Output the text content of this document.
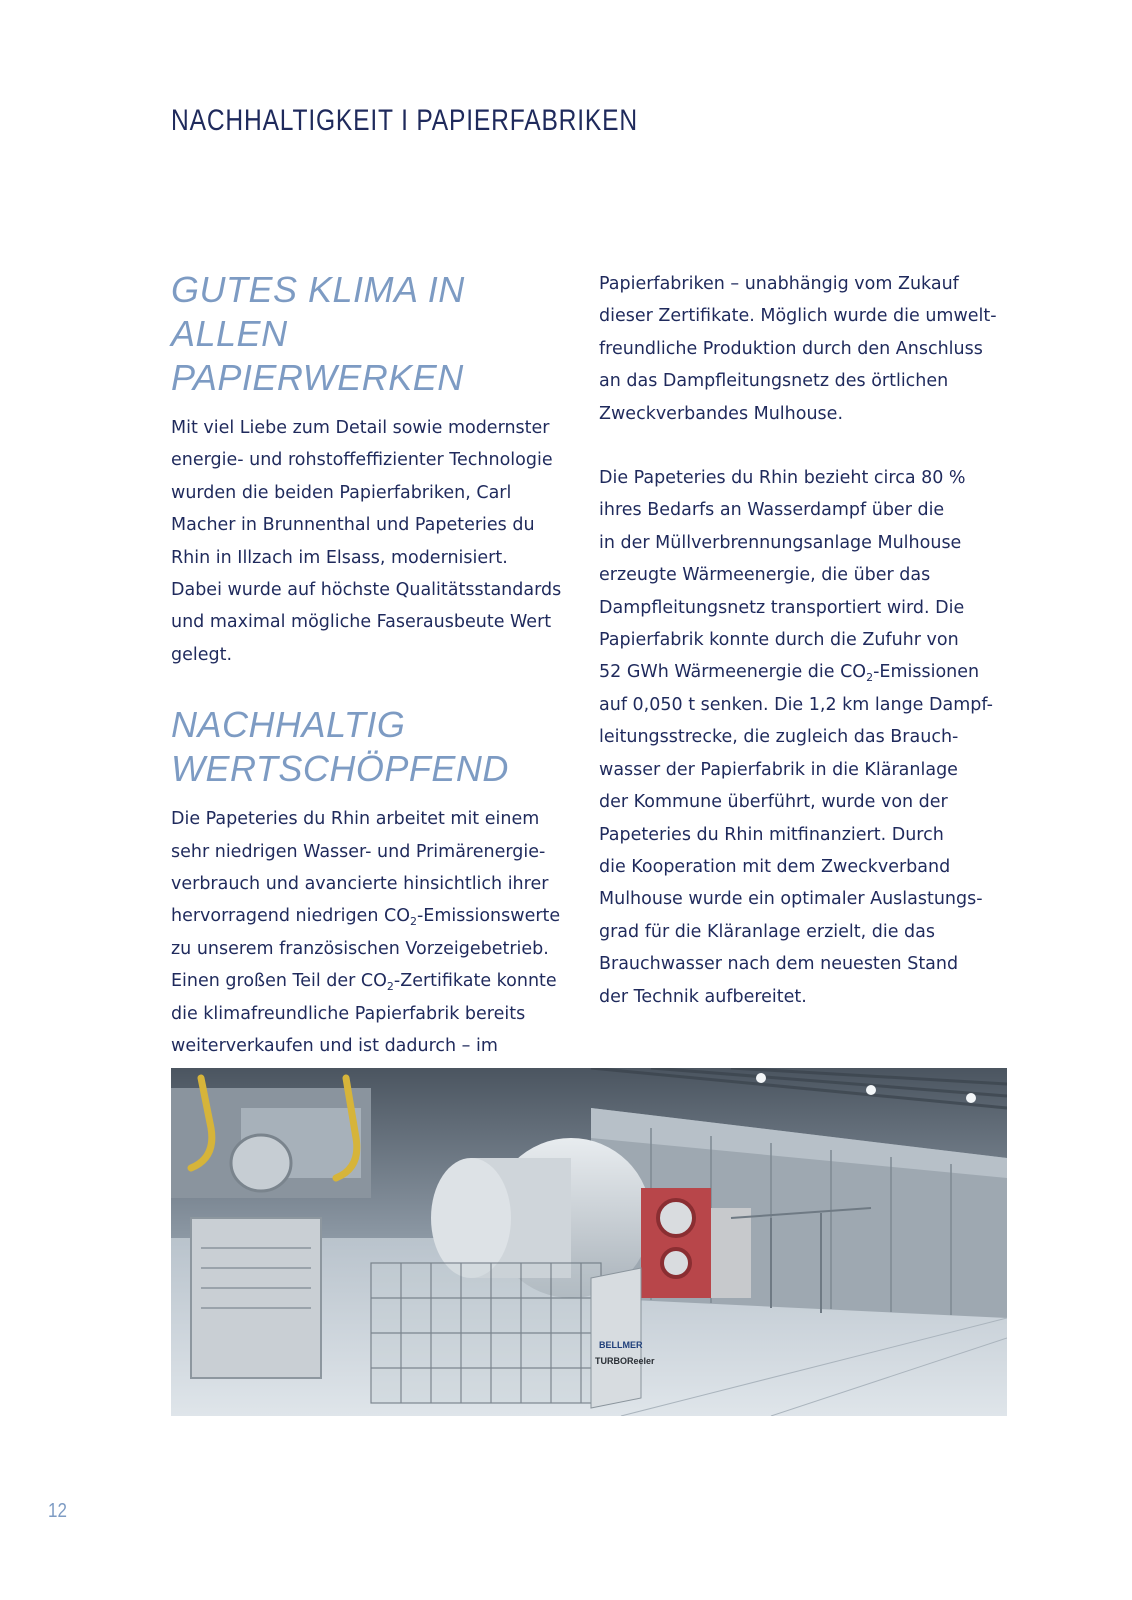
NACHHALTIGKEIT I PAPIERFABRIKEN
GUTES KLIMA IN ALLEN
PAPIERWERKEN

Mit viel Liebe zum Detail sowie modernster
energie- und rohstoffeffizienter Technologie
wurden die beiden Papierfabriken, Carl
Macher in Brunnenthal und Papeteries du
Rhin in Illzach im Elsass, modernisiert.
Dabei wurde auf höchste Qualitätsstandards
und maximal mögliche Faserausbeute Wert
gelegt.

NACHHALTIG
WERTSCHÖPFEND

Die Papeteries du Rhin arbeitet mit einem
sehr niedrigen Wasser- und Primärenergie-
verbrauch und avancierte hinsichtlich ihrer
hervorragend niedrigen $CO_2$-Emissionswerte
zu unserem französischen Vorzeigebetrieb.
Einen großen Teil der $CO_2$-Zertifikate konnte
die klimafreundliche Papierfabrik bereits
weiterverkaufen und ist dadurch – im

Papierfabriken – unabhängig vom Zukauf
dieser Zertifikate. Möglich wurde die umwelt-
freundliche Produktion durch den Anschluss
an das Dampfleitungsnetz des örtlichen
Zweckverbandes Mulhouse.

Die Papeteries du Rhin bezieht circa 80 %
ihres Bedarfs an Wasserdampf über die
in der Müllverbrennungsanlage Mulhouse
erzeugte Wärmeenergie, die über das
Dampfleitungsnetz transportiert wird. Die
Papierfabrik konnte durch die Zufuhr von
52 GWh Wärmeenergie die $CO_2$-Emissionen
auf 0,050 t senken. Die 1,2 km lange Dampf-
leitungsstrecke, die zugleich das Brauch-
wasser der Papierfabrik in die Kläranlage
der Kommune überführt, wurde von der
Papeteries du Rhin mitfinanziert. Durch
die Kooperation mit dem Zweckverband
Mulhouse wurde ein optimaler Auslastungs-
grad für die Kläranlage erzielt, die das
Brauchwasser nach dem neuesten Stand
der Technik aufbereitet.

BELLMER
TURBOReeler
12
